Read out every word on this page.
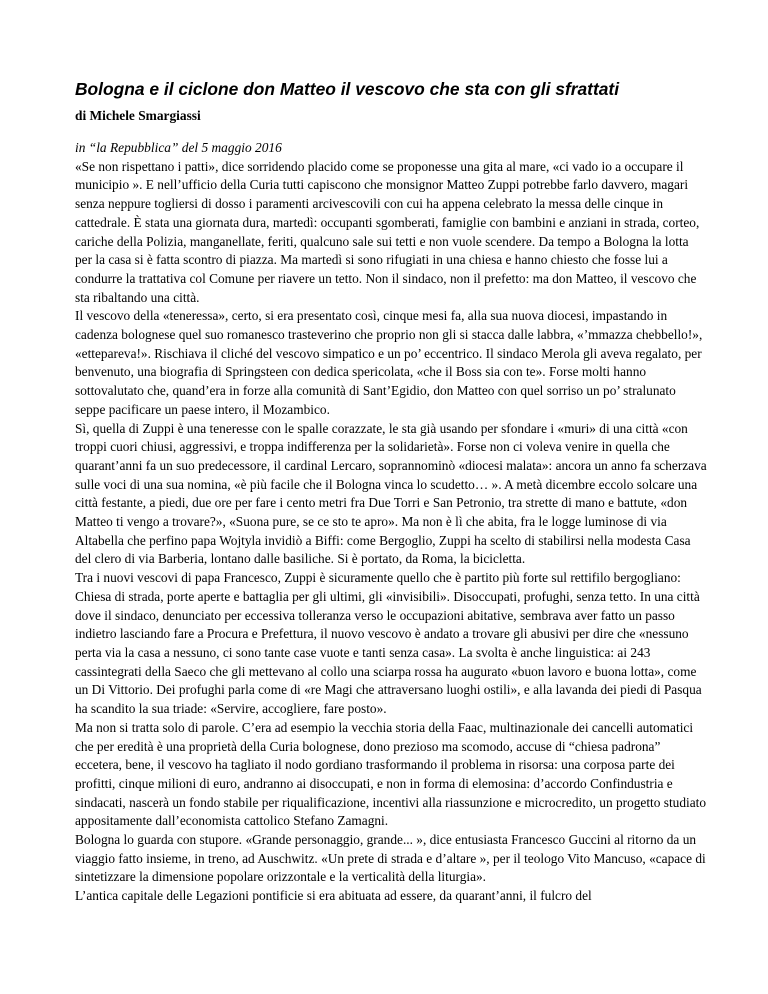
Bologna e il ciclone don Matteo il vescovo che sta con gli sfrattati
di Michele Smargiassi
in “la Repubblica” del 5 maggio 2016

«Se non rispettano i patti», dice sorridendo placido come se proponesse una gita al mare, «ci vado io a occupare il municipio ». E nell’ufficio della Curia tutti capiscono che monsignor Matteo Zuppi potrebbe farlo davvero, magari senza neppure togliersi di dosso i paramenti arcivescovili con cui ha appena celebrato la messa delle cinque in cattedrale. È stata una giornata dura, martedì: occupanti sgomberati, famiglie con bambini e anziani in strada, corteo, cariche della Polizia, manganellate, feriti, qualcuno sale sui tetti e non vuole scendere. Da tempo a Bologna la lotta per la casa si è fatta scontro di piazza. Ma martedì si sono rifugiati in una chiesa e hanno chiesto che fosse lui a condurre la trattativa col Comune per riavere un tetto. Non il sindaco, non il prefetto: ma don Matteo, il vescovo che sta ribaltando una città.

Il vescovo della «teneressa», certo, si era presentato così, cinque mesi fa, alla sua nuova diocesi, impastando in cadenza bolognese quel suo romanesco trasteverino che proprio non gli si stacca dalle labbra, «’mmazza chebbello!», «ettepareva!». Rischiava il cliché del vescovo simpatico e un po’ eccentrico. Il sindaco Merola gli aveva regalato, per benvenuto, una biografia di Springsteen con dedica spericolata, «che il Boss sia con te». Forse molti hanno sottovalutato che, quand’era in forze alla comunità di Sant’Egidio, don Matteo con quel sorriso un po’ stralunato seppe pacificare un paese intero, il Mozambico.

Sì, quella di Zuppi è una teneresse con le spalle corazzate, le sta già usando per sfondare i «muri» di una città «con troppi cuori chiusi, aggressivi, e troppa indifferenza per la solidarietà». Forse non ci voleva venire in quella che quarant’anni fa un suo predecessore, il cardinal Lercaro, soprannominò «diocesi malata»: ancora un anno fa scherzava sulle voci di una sua nomina, «è più facile che il Bologna vinca lo scudetto… ». A metà dicembre eccolo solcare una città festante, a piedi, due ore per fare i cento metri fra Due Torri e San Petronio, tra strette di mano e battute, «don Matteo ti vengo a trovare?», «Suona pure, se ce sto te apro». Ma non è lì che abita, fra le logge luminose di via Altabella che perfino papa Wojtyla invidiò a Biffi: come Bergoglio, Zuppi ha scelto di stabilirsi nella modesta Casa del clero di via Barberia, lontano dalle basiliche. Si è portato, da Roma, la bicicletta.

Tra i nuovi vescovi di papa Francesco, Zuppi è sicuramente quello che è partito più forte sul rettifilo bergogliano: Chiesa di strada, porte aperte e battaglia per gli ultimi, gli «invisibili». Disoccupati, profughi, senza tetto. In una città dove il sindaco, denunciato per eccessiva tolleranza verso le occupazioni abitative, sembrava aver fatto un passo indietro lasciando fare a Procura e Prefettura, il nuovo vescovo è andato a trovare gli abusivi per dire che «nessuno perta via la casa a nessuno, ci sono tante case vuote e tanti senza casa». La svolta è anche linguistica: ai 243 cassintegrati della Saeco che gli mettevano al collo una sciarpa rossa ha augurato «buon lavoro e buona lotta», come un Di Vittorio. Dei profughi parla come di «re Magi che attraversano luoghi ostili», e alla lavanda dei piedi di Pasqua ha scandito la sua triade: «Servire, accogliere, fare posto».

Ma non si tratta solo di parole. C’era ad esempio la vecchia storia della Faac, multinazionale dei cancelli automatici che per eredità è una proprietà della Curia bolognese, dono prezioso ma scomodo, accuse di “chiesa padrona” eccetera, bene, il vescovo ha tagliato il nodo gordiano trasformando il problema in risorsa: una corposa parte dei profitti, cinque milioni di euro, andranno ai disoccupati, e non in forma di elemosina: d’accordo Confindustria e sindacati, nascerà un fondo stabile per riqualificazione, incentivi alla riassunzione e microcredito, un progetto studiato appositamente dall’economista cattolico Stefano Zamagni.

Bologna lo guarda con stupore. «Grande personaggio, grande... », dice entusiasta Francesco Guccini al ritorno da un viaggio fatto insieme, in treno, ad Auschwitz. «Un prete di strada e d’altare », per il teologo Vito Mancuso, «capace di sintetizzare la dimensione popolare orizzontale e la verticalità della liturgia».

L’antica capitale delle Legazioni pontificie si era abituata ad essere, da quarant’anni, il fulcro del
